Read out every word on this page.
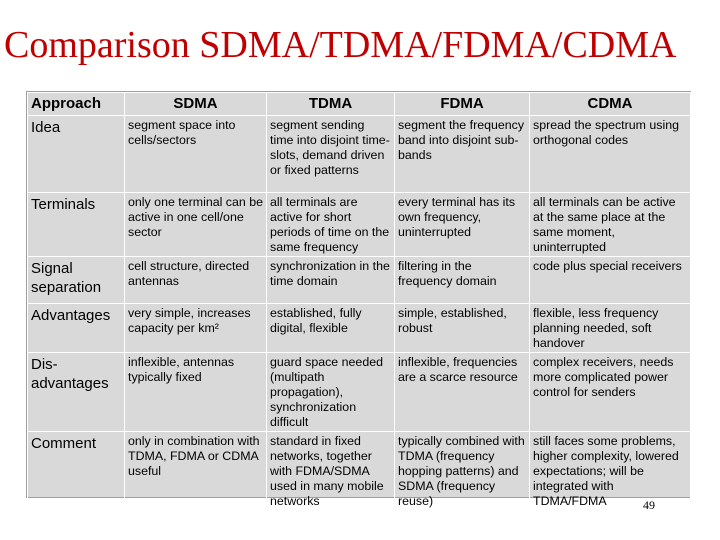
Comparison SDMA/TDMA/FDMA/CDMA
Approach	SDMA	TDMA	FDMA	CDMA
Idea	segment space into cells/sectors	segment sending time into disjoint time-slots, demand driven or fixed patterns	segment the frequency band into disjoint sub-bands	spread the spectrum using orthogonal codes
Terminals	only one terminal can be active in one cell/one sector	all terminals are active for short periods of time on the same frequency	every terminal has its own frequency, uninterrupted	all terminals can be active at the same place at the same moment, uninterrupted
Signal separation	cell structure, directed antennas	synchronization in the time domain	filtering in the frequency domain	code plus special receivers
Advantages	very simple, increases capacity per km²	established, fully digital, flexible	simple, established, robust	flexible, less frequency planning needed, soft handover
Dis-advantages	inflexible, antennas typically fixed	guard space needed (multipath propagation), synchronization difficult	inflexible, frequencies are a scarce resource	complex receivers, needs more complicated power control for senders
Comment	only in combination with TDMA, FDMA or CDMA useful	standard in fixed networks, together with FDMA/SDMA used in many mobile networks	typically combined with TDMA (frequency hopping patterns) and SDMA (frequency reuse)	still faces some problems, higher complexity, lowered expectations; will be integrated with TDMA/FDMA	49
